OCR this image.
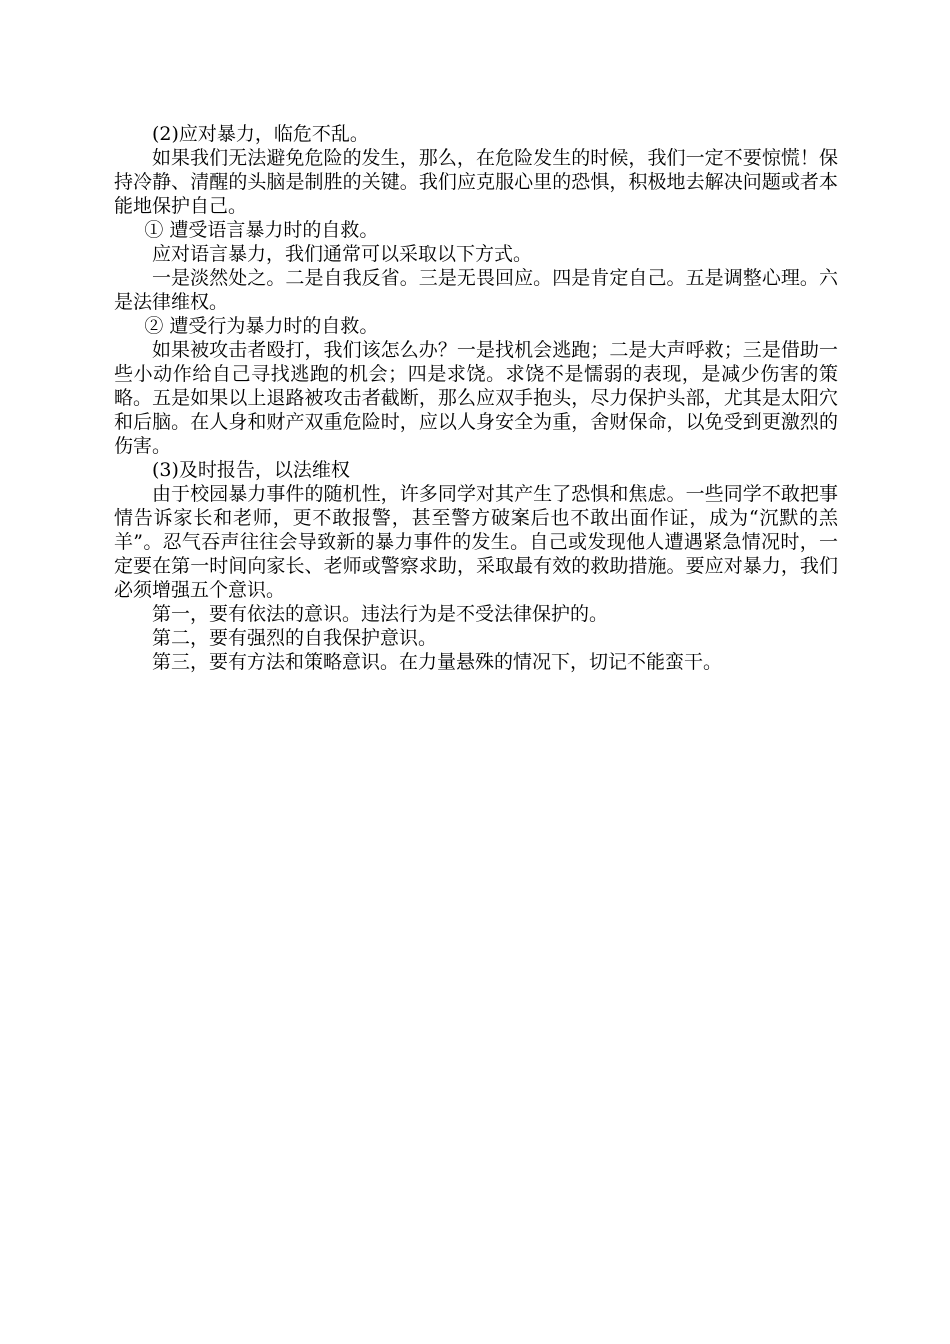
(2)应对暴力，临危不乱。

如果我们无法避免危险的发生，那么，在危险发生的时候，我们一定不要惊慌！保持冷静、清醒的头脑是制胜的关键。我们应克服心里的恐惧，积极地去解决问题或者本能地保护自己。

① 遭受语言暴力时的自救。

应对语言暴力，我们通常可以采取以下方式。

一是淡然处之。二是自我反省。三是无畏回应。四是肯定自己。五是调整心理。六是法律维权。

② 遭受行为暴力时的自救。

如果被攻击者殴打，我们该怎么办？一是找机会逃跑；二是大声呼救；三是借助一些小动作给自己寻找逃跑的机会；四是求饶。求饶不是懦弱的表现，是减少伤害的策略。五是如果以上退路被攻击者截断，那么应双手抱头，尽力保护头部，尤其是太阳穴和后脑。在人身和财产双重危险时，应以人身安全为重，舍财保命，以免受到更激烈的伤害。

(3)及时报告，以法维权

由于校园暴力事件的随机性，许多同学对其产生了恐惧和焦虑。一些同学不敢把事情告诉家长和老师，更不敢报警，甚至警方破案后也不敢出面作证，成为“沉默的羔羊”。忍气吞声往往会导致新的暴力事件的发生。自己或发现他人遭遇紧急情况时，一定要在第一时间向家长、老师或警察求助，采取最有效的救助措施。要应对暴力，我们必须增强五个意识。

第一，要有依法的意识。违法行为是不受法律保护的。

第二，要有强烈的自我保护意识。

第三，要有方法和策略意识。在力量悬殊的情况下，切记不能蛮干。
